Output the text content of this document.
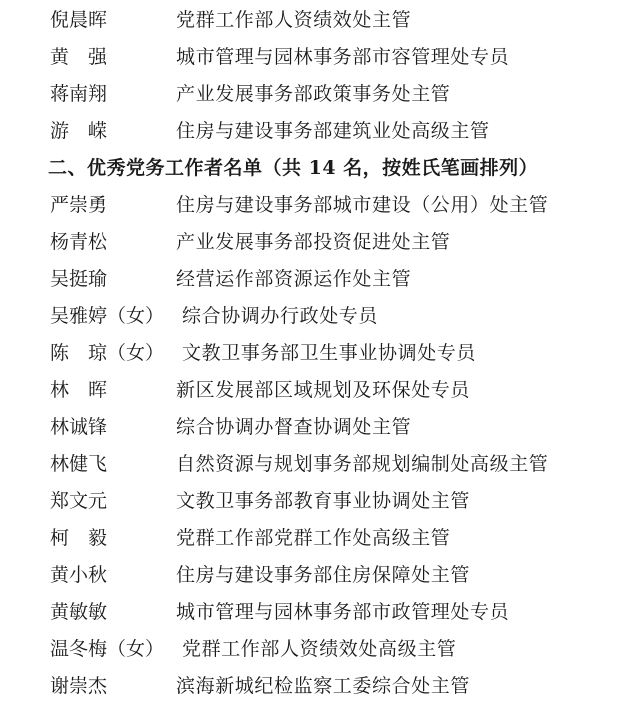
倪晨晖	党群工作部人资绩效处主管
黄　强	城市管理与园林事务部市容管理处专员
蒋南翔	产业发展事务部政策事务处主管
游　嵘	住房与建设事务部建筑业处高级主管
二、优秀党务工作者名单（共 14 名，按姓氏笔画排列）
严崇勇	住房与建设事务部城市建设（公用）处主管
杨青松	产业发展事务部投资促进处主管
吴挺瑜	经营运作部资源运作处主管
吴雅婷（女） 综合协调办行政处专员
陈　琼（女） 文教卫事务部卫生事业协调处专员
林　晖	新区发展部区域规划及环保处专员
林诚锋	综合协调办督查协调处主管
林健飞	自然资源与规划事务部规划编制处高级主管
郑文元	文教卫事务部教育事业协调处主管
柯　毅	党群工作部党群工作处高级主管
黄小秋	住房与建设事务部住房保障处主管
黄敏敏	城市管理与园林事务部市政管理处专员
温冬梅（女） 党群工作部人资绩效处高级主管
谢崇杰	滨海新城纪检监察工委综合处主管
